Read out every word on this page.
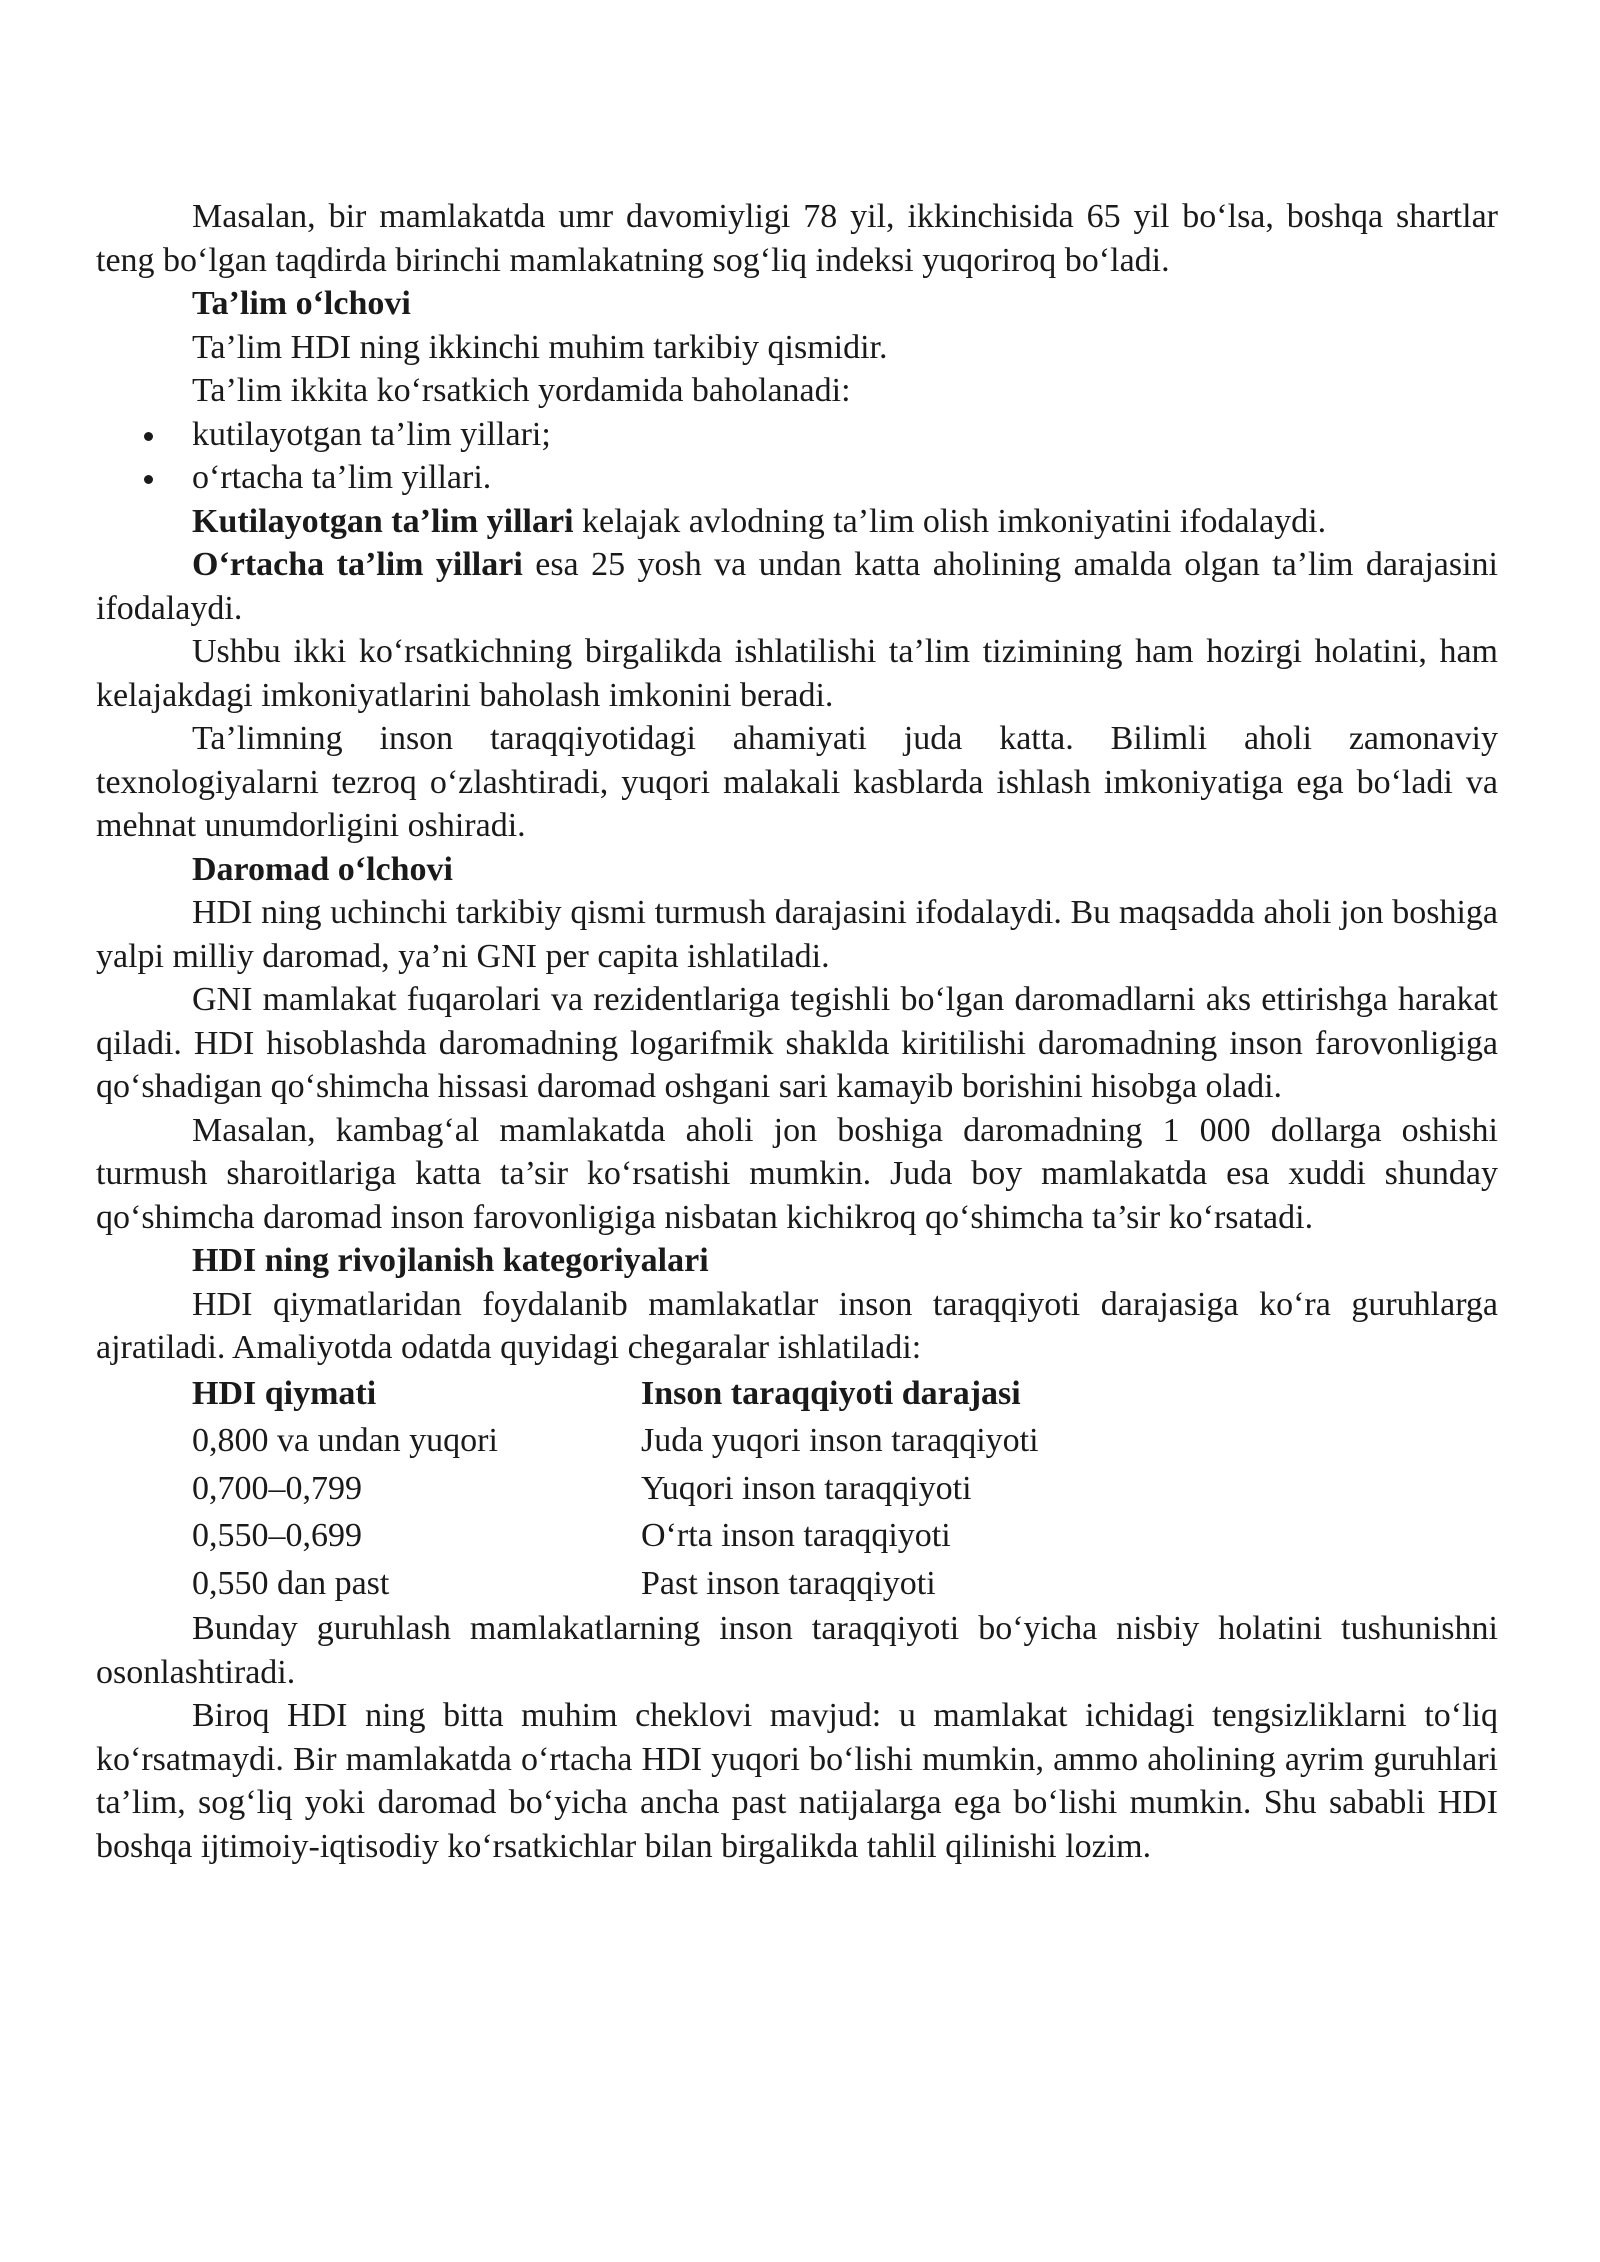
Masalan, bir mamlakatda umr davomiyligi 78 yil, ikkinchisida 65 yil bo‘lsa, boshqa shartlar teng bo‘lgan taqdirda birinchi mamlakatning sog‘liq indeksi yuqoriroq bo‘ladi.

Ta’lim o‘lchovi

Ta’lim HDI ning ikkinchi muhim tarkibiy qismidir.

Ta’lim ikkita ko‘rsatkich yordamida baholanadi:

kutilayotgan ta’lim yillari;
o‘rtacha ta’lim yillari.

Kutilayotgan ta’lim yillari kelajak avlodning ta’lim olish imkoniyatini ifodalaydi.

O‘rtacha ta’lim yillari esa 25 yosh va undan katta aholining amalda olgan ta’lim darajasini ifodalaydi.

Ushbu ikki ko‘rsatkichning birgalikda ishlatilishi ta’lim tizimining ham hozirgi holatini, ham kelajakdagi imkoniyatlarini baholash imkonini beradi.

Ta’limning inson taraqqiyotidagi ahamiyati juda katta. Bilimli aholi zamonaviy texnologiyalarni tezroq o‘zlashtiradi, yuqori malakali kasblarda ishlash imkoniyatiga ega bo‘ladi va mehnat unumdorligini oshiradi.

Daromad o‘lchovi

HDI ning uchinchi tarkibiy qismi turmush darajasini ifodalaydi. Bu maqsadda aholi jon boshiga yalpi milliy daromad, ya’ni GNI per capita ishlatiladi.

GNI mamlakat fuqarolari va rezidentlariga tegishli bo‘lgan daromadlarni aks ettirishga harakat qiladi. HDI hisoblashda daromadning logarifmik shaklda kiritilishi daromadning inson farovonligiga qo‘shadigan qo‘shimcha hissasi daromad oshgani sari kamayib borishini hisobga oladi.

Masalan, kambag‘al mamlakatda aholi jon boshiga daromadning 1 000 dollarga oshishi turmush sharoitlariga katta ta’sir ko‘rsatishi mumkin. Juda boy mamlakatda esa xuddi shunday qo‘shimcha daromad inson farovonligiga nisbatan kichikroq qo‘shimcha ta’sir ko‘rsatadi.

HDI ning rivojlanish kategoriyalari

HDI qiymatlaridan foydalanib mamlakatlar inson taraqqiyoti darajasiga ko‘ra guruhlarga ajratiladi. Amaliyotda odatda quyidagi chegaralar ishlatiladi:

HDI qiymati	Inson taraqqiyoti darajasi
0,800 va undan yuqori	Juda yuqori inson taraqqiyoti
0,700–0,799	Yuqori inson taraqqiyoti
0,550–0,699	O‘rta inson taraqqiyoti
0,550 dan past	Past inson taraqqiyoti

Bunday guruhlash mamlakatlarning inson taraqqiyoti bo‘yicha nisbiy holatini tushunishni osonlashtiradi.

Biroq HDI ning bitta muhim cheklovi mavjud: u mamlakat ichidagi tengsizliklarni to‘liq ko‘rsatmaydi. Bir mamlakatda o‘rtacha HDI yuqori bo‘lishi mumkin, ammo aholining ayrim guruhlari ta’lim, sog‘liq yoki daromad bo‘yicha ancha past natijalarga ega bo‘lishi mumkin. Shu sababli HDI boshqa ijtimoiy-iqtisodiy ko‘rsatkichlar bilan birgalikda tahlil qilinishi lozim.
